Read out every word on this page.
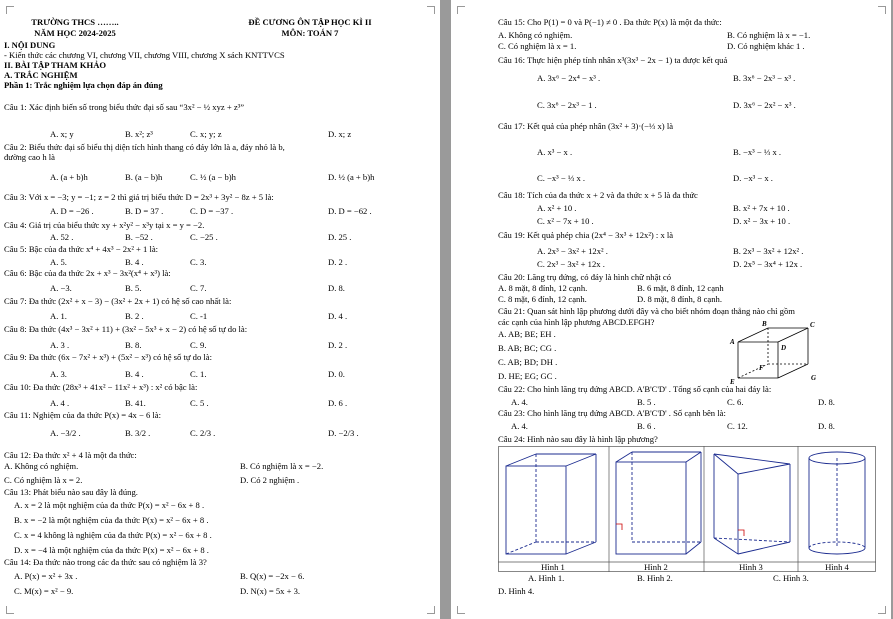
TRƯỜNG THCS ……..
NĂM HỌC 2024-2025
ĐỀ CƯƠNG ÔN TẬP HỌC KÌ II
MÔN: TOÁN 7
I. NỘI DUNG
- Kiến thức các chương VI, chương VII, chương VIII, chương X sách KNTTVCS
II. BÀI TẬP THAM KHẢO
A. TRẮC NGHIỆM
Phần 1: Trắc nghiệm lựa chọn đáp án đúng
Câu 1: Xác định biến số trong biểu thức đại số sau “3x² − ½ xyz + z³”
Câu 2: Biểu thức đại số biểu thị diện tích hình thang có đáy lớn là a, đáy nhỏ là b,
đường cao h là
Câu 3: Với x = −3; y = −1; z = 2 thì giá trị biểu thức D = 2x³ + 3y² − 8z + 5 là:
Câu 4: Giá trị của biểu thức xy + x²y² − x³y tại x = y = −2.
Câu 5: Bậc của đa thức x⁴ + 4x³ − 2x² + 1 là:
Câu 6: Bậc của đa thức 2x + x³ − 3x²(x⁴ + x³) là:
Câu 7: Đa thức (2x² + x − 3) − (3x² + 2x + 1) có hệ số cao nhất là:
Câu 8: Đa thức (4x³ − 3x² + 11) + (3x² − 5x³ + x − 2) có hệ số tự do là:
Câu 9: Đa thức (6x − 7x² + x³) + (5x² − x³) có hệ số tự do là:
Câu 10: Đa thức (28x³ + 41x² − 11x² + x³) : x² có bậc là:
Câu 11: Nghiệm của đa thức P(x) = 4x − 6 là:
Câu 12: Đa thức x² + 4 là một đa thức:
A. Không có nghiệm.	B. Có nghiệm là x = −2.
C. Có nghiệm là x = 2.	D. Có 2 nghiệm .
Câu 13: Phát biểu nào sau đây là đúng.
A. x = 2 là một nghiệm của đa thức P(x) = x² − 6x + 8 .
B. x = −2 là một nghiệm của đa thức P(x) = x² − 6x + 8 .
C. x = 4 không là nghiệm của đa thức P(x) = x² − 6x + 8 .
D. x = −4 là một nghiệm của đa thức P(x) = x² − 6x + 8 .
Câu 14: Đa thức nào trong các đa thức sau có nghiệm là 3?
A. P(x) = x² + 3x .	B. Q(x) = −2x − 6.
C. M(x) = x² − 9.	D. N(x) = 5x + 3.
A. x; y	B. x²; z³	C. x; y; z	D. x; z
A. (a + b)h	B. (a − b)h	C. ½ (a − b)h	D. ½ (a + b)h
A. D = −26 .	B. D = 37 .	C. D = −37 .	D. D = −62 .
A. 52 .	B. −52 .	C. −25 .	D. 25 .
A. 5.	B. 4 .	C. 3.	D. 2 .
A. −3.	B. 5.	C. 7.	D. 8.
A. 1.	B. 2 .	C. -1	D. 4 .
A. 3 .	B. 8.	C. 9.	D. 2 .
A. 3.	B. 4 .	C. 1.	D. 0.
A. 4 .	B. 41.	C. 5 .	D. 6 .
A. −3/2 .	B. 3/2 .	C. 2/3 .	D. −2/3 .
Câu 15: Cho P(1) = 0 và P(−1) ≠ 0 . Đa thức P(x) là một đa thức:
A. Không có nghiệm.	B. Có nghiệm là x = −1.
C. Có nghiệm là x = 1.	D. Có nghiệm khác 1 .
Câu 16: Thực hiện phép tính nhân x³(3x³ − 2x − 1) ta được kết quả
A. 3x⁶ − 2x⁴ − x³ .	B. 3x⁶ − 2x³ − x³ .
C. 3x⁶ − 2x³ − 1 .	D. 3x⁶ − 2x² − x³ .
Câu 17: Kết quả của phép nhân (3x² + 3)·(−⅓ x) là
A. x³ − x .	B. −x³ − ⅓ x .
C. −x³ − ⅓ x .	D. −x³ − x .
Câu 18: Tích của đa thức x + 2 và đa thức x + 5 là đa thức
A. x² + 10 .	B. x² + 7x + 10 .
C. x² − 7x + 10 .	D. x² − 3x + 10 .
Câu 19: Kết quả phép chia (2x⁴ − 3x³ + 12x²) : x là
A. 2x³ − 3x² + 12x² .	B. 2x³ − 3x² + 12x² .
C. 2x³ − 3x² + 12x .	D. 2x⁵ − 3x⁴ + 12x .
Câu 20: Lăng trụ đứng, có đáy là hình chữ nhật có
A. 8 mặt, 8 đỉnh, 12 cạnh.	B. 6 mặt, 8 đỉnh, 12 cạnh
C. 8 mặt, 6 đỉnh, 12 cạnh.	D. 8 mặt, 8 đỉnh, 8 cạnh.
Câu 21: Quan sát hình lập phương dưới đây và cho biết nhóm đoạn thẳng nào chỉ gồm
các cạnh của hình lập phương ABCD.EFGH?
A. AB; BE; EH .
B. AB; BC; CG .
C. AB; BD; DH .
D. HE; EG; GC .
Câu 22: Cho hình lăng trụ đứng ABCD. A'B'C'D' . Tổng số cạnh của hai đáy là:
A. 4.	B. 5 .	C. 6.	D. 8.
Câu 23: Cho hình lăng trụ đứng ABCD. A'B'C'D' . Số cạnh bên là:
A. 4.	B. 6 .	C. 12.	D. 8.
Câu 24: Hình nào sau đây là hình lập phương?
A. Hình 1.	B. Hình 2.	C. Hình 3.
D. Hình 4.
A
B	C
D
E
F
G
Hình 1	Hình 2	Hình 3	Hình 4
